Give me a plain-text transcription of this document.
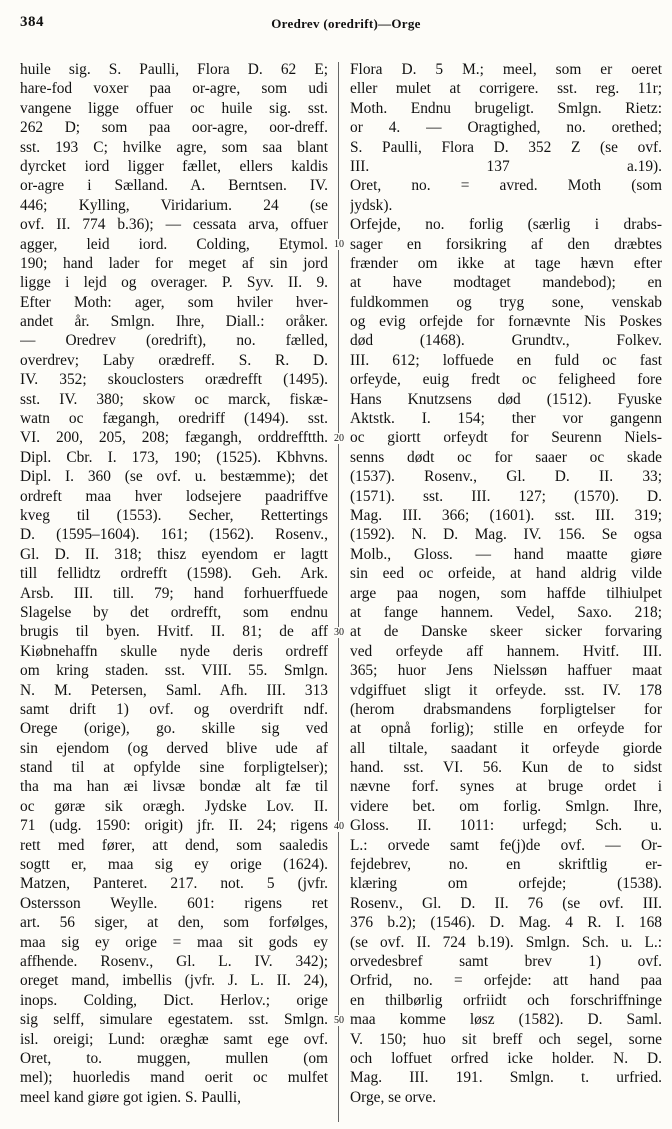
384	Oredrev (oredrift)—Orge
10
20
30
40
50
huile sig. S. Paulli, Flora D. 62 E;
hare-fod voxer paa or-agre, som udi
vangene ligge offuer oc huile sig. sst.
262 D; som paa oor-agre, oor-dreff.
sst. 193 C; hvilke agre, som saa blant
dyrcket iord ligger fællet, ellers kaldis
or-agre i Sælland. A. Berntsen. IV.
446; Kylling, Viridarium. 24 (se
ovf. II. 774 b.36); — cessata arva, offuer
agger, leid iord. Colding, Etymol.
190; hand lader for meget af sin jord
ligge i lejd og overager. P. Syv. II. 9.
Efter Moth: ager, som hviler hver-
andet år. Smlgn. Ihre, Diall.: oråker.
— Oredrev (oredrift), no. fælled,
overdrev; Laby orædreff. S. R. D.
IV. 352; skouclosters orædrefft (1495).
sst. IV. 380; skow oc marck, fiskæ-
watn oc fægangh, oredriff (1494). sst.
VI. 200, 205, 208; fægangh, orddrefftth.
Dipl. Cbr. I. 173, 190; (1525). Kbhvns.
Dipl. I. 360 (se ovf. u. bestæmme); det
ordreft maa hver lodsejere paadriffve
kveg til (1553). Secher, Rettertings
D. (1595–1604). 161; (1562). Rosenv.,
Gl. D. II. 318; thisz eyendom er lagtt
till fellidtz ordrefft (1598). Geh. Ark.
Arsb. III. till. 79; hand forhuerffuede
Slagelse by det ordrefft, som endnu
brugis til byen. Hvitf. II. 81; de aff
Kiøbnehaffn skulle nyde deris ordreff
om kring staden. sst. VIII. 55. Smlgn.
N. M. Petersen, Saml. Afh. III. 313
samt drift 1) ovf. og overdrift ndf.
Orege (orige), go. skille sig ved
sin ejendom (og derved blive ude af
stand til at opfylde sine forpligtelser);
tha ma han æi livsæ bondæ alt fæ til
oc gøræ sik orægh. Jydske Lov. II.
71 (udg. 1590: origit) jfr. II. 24; rigens
rett med fører, att dend, som saaledis
sogtt er, maa sig ey orige (1624).
Matzen, Panteret. 217. not. 5 (jvfr.
Ostersson Weylle. 601: rigens ret
art. 56 siger, at den, som forfølges,
maa sig ey orige = maa sit gods ey
affhende. Rosenv., Gl. L. IV. 342);
oreget mand, imbellis (jvfr. J. L. II. 24),
inops. Colding, Dict. Herlov.; orige
sig selff, simulare egestatem. sst. Smlgn.
isl. oreigi; Lund: oræghæ samt ege ovf.
Oret, to. muggen, mullen (om
mel); huorledis mand oerit oc mulfet
meel kand giøre got igien. S. Paulli,
Flora D. 5 M.; meel, som er oeret
eller mulet at corrigere. sst. reg. 11r;
Moth. Endnu brugeligt. Smlgn. Rietz:
or 4. — Oragtighed, no. orethed;
S. Paulli, Flora D. 352 Z (se ovf.
III. 137 a.19).
Oret, no. = avred. Moth (som
jydsk).
Orfejde, no. forlig (særlig i drabs-
sager en forsikring af den dræbtes
frænder om ikke at tage hævn efter
at have modtaget mandebod); en
fuldkommen og tryg sone, venskab
og evig orfejde for fornævnte Nis Poskes
død (1468). Grundtv., Folkev.
III. 612; loffuede en fuld oc fast
orfeyde, euig fredt oc feligheed fore
Hans Knutzsens død (1512). Fyuske
Aktstk. I. 154; ther vor gangenn
oc giortt orfeydt for Seurenn Niels-
senns dødt oc for saaer oc skade
(1537). Rosenv., Gl. D. II. 33;
(1571). sst. III. 127; (1570). D.
Mag. III. 366; (1601). sst. III. 319;
(1592). N. D. Mag. IV. 156. Se ogsa
Molb., Gloss. — hand maatte giøre
sin eed oc orfeide, at hand aldrig vilde
arge paa nogen, som haffde tilhiulpet
at fange hannem. Vedel, Saxo. 218;
at de Danske skeer sicker forvaring
ved orfeyde aff hannem. Hvitf. III.
365; huor Jens Nielssøn haffuer maat
vdgiffuet sligt it orfeyde. sst. IV. 178
(herom drabsmandens forpligtelser for
at opnå forlig); stille en orfeyde for
all tiltale, saadant it orfeyde giorde
hand. sst. VI. 56. Kun de to sidst
nævne forf. synes at bruge ordet i
videre bet. om forlig. Smlgn. Ihre,
Gloss. II. 1011: urfegd; Sch. u.
L.: orvede samt fe(j)de ovf. — Or-
fejdebrev, no. en skriftlig er-
klæring om orfejde; (1538).
Rosenv., Gl. D. II. 76 (se ovf. III.
376 b.2); (1546). D. Mag. 4 R. I. 168
(se ovf. II. 724 b.19). Smlgn. Sch. u. L.:
orvedesbref samt brev 1) ovf.
Orfrid, no. = orfejde: att hand paa
en thilbørlig orfriidt och forschriffninge
maa komme løsz (1582). D. Saml.
V. 150; huo sit breff och segel, sorne
och loffuet orfred icke holder. N. D.
Mag. III. 191. Smlgn. t. urfried.
Orge, se orve.
